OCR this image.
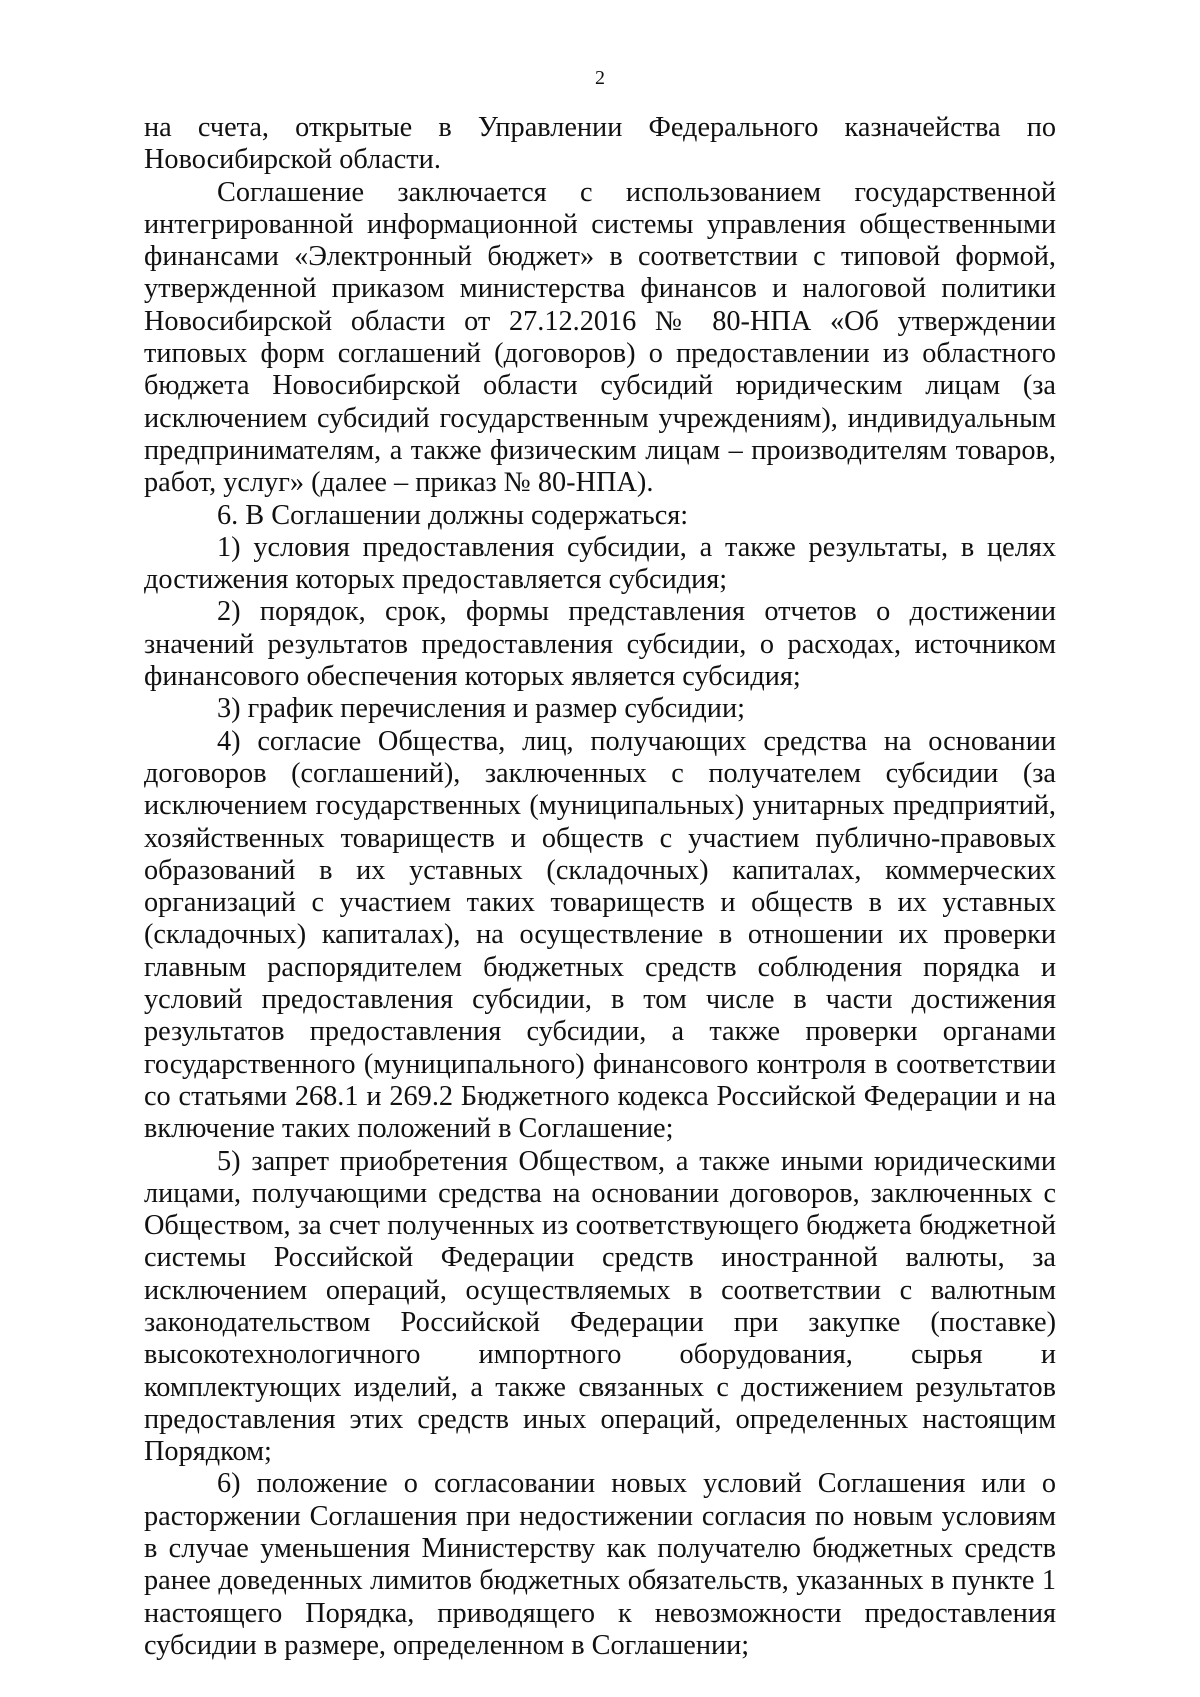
2

на счета, открытые в Управлении Федерального казначейства по Новосибирской области.

Соглашение заключается с использованием государственной интегрированной информационной системы управления общественными финансами «Электронный бюджет» в соответствии с типовой формой, утвержденной приказом министерства финансов и налоговой политики Новосибирской области от 27.12.2016 № 80-НПА «Об утверждении типовых форм соглашений (договоров) о предоставлении из областного бюджета Новосибирской области субсидий юридическим лицам (за исключением субсидий государственным учреждениям), индивидуальным предпринимателям, а также физическим лицам – производителям товаров, работ, услуг» (далее – приказ № 80-НПА).

6. В Соглашении должны содержаться:

1) условия предоставления субсидии, а также результаты, в целях достижения которых предоставляется субсидия;

2) порядок, срок, формы представления отчетов о достижении значений результатов предоставления субсидии, о расходах, источником финансового обеспечения которых является субсидия;

3) график перечисления и размер субсидии;

4) согласие Общества, лиц, получающих средства на основании договоров (соглашений), заключенных с получателем субсидии (за исключением государственных (муниципальных) унитарных предприятий, хозяйственных товариществ и обществ с участием публично-правовых образований в их уставных (складочных) капиталах, коммерческих организаций с участием таких товариществ и обществ в их уставных (складочных) капиталах), на осуществление в отношении их проверки главным распорядителем бюджетных средств соблюдения порядка и условий предоставления субсидии, в том числе в части достижения результатов предоставления субсидии, а также проверки органами государственного (муниципального) финансового контроля в соответствии со статьями 268.1 и 269.2 Бюджетного кодекса Российской Федерации и на включение таких положений в Соглашение;

5) запрет приобретения Обществом, а также иными юридическими лицами, получающими средства на основании договоров, заключенных с Обществом, за счет полученных из соответствующего бюджета бюджетной системы Российской Федерации средств иностранной валюты, за исключением операций, осуществляемых в соответствии с валютным законодательством Российской Федерации при закупке (поставке) высокотехнологичного импортного оборудования, сырья и комплектующих изделий, а также связанных с достижением результатов предоставления этих средств иных операций, определенных настоящим Порядком;

6) положение о согласовании новых условий Соглашения или о расторжении Соглашения при недостижении согласия по новым условиям в случае уменьшения Министерству как получателю бюджетных средств ранее доведенных лимитов бюджетных обязательств, указанных в пункте 1 настоящего Порядка, приводящего к невозможности предоставления субсидии в размере, определенном в Соглашении;
